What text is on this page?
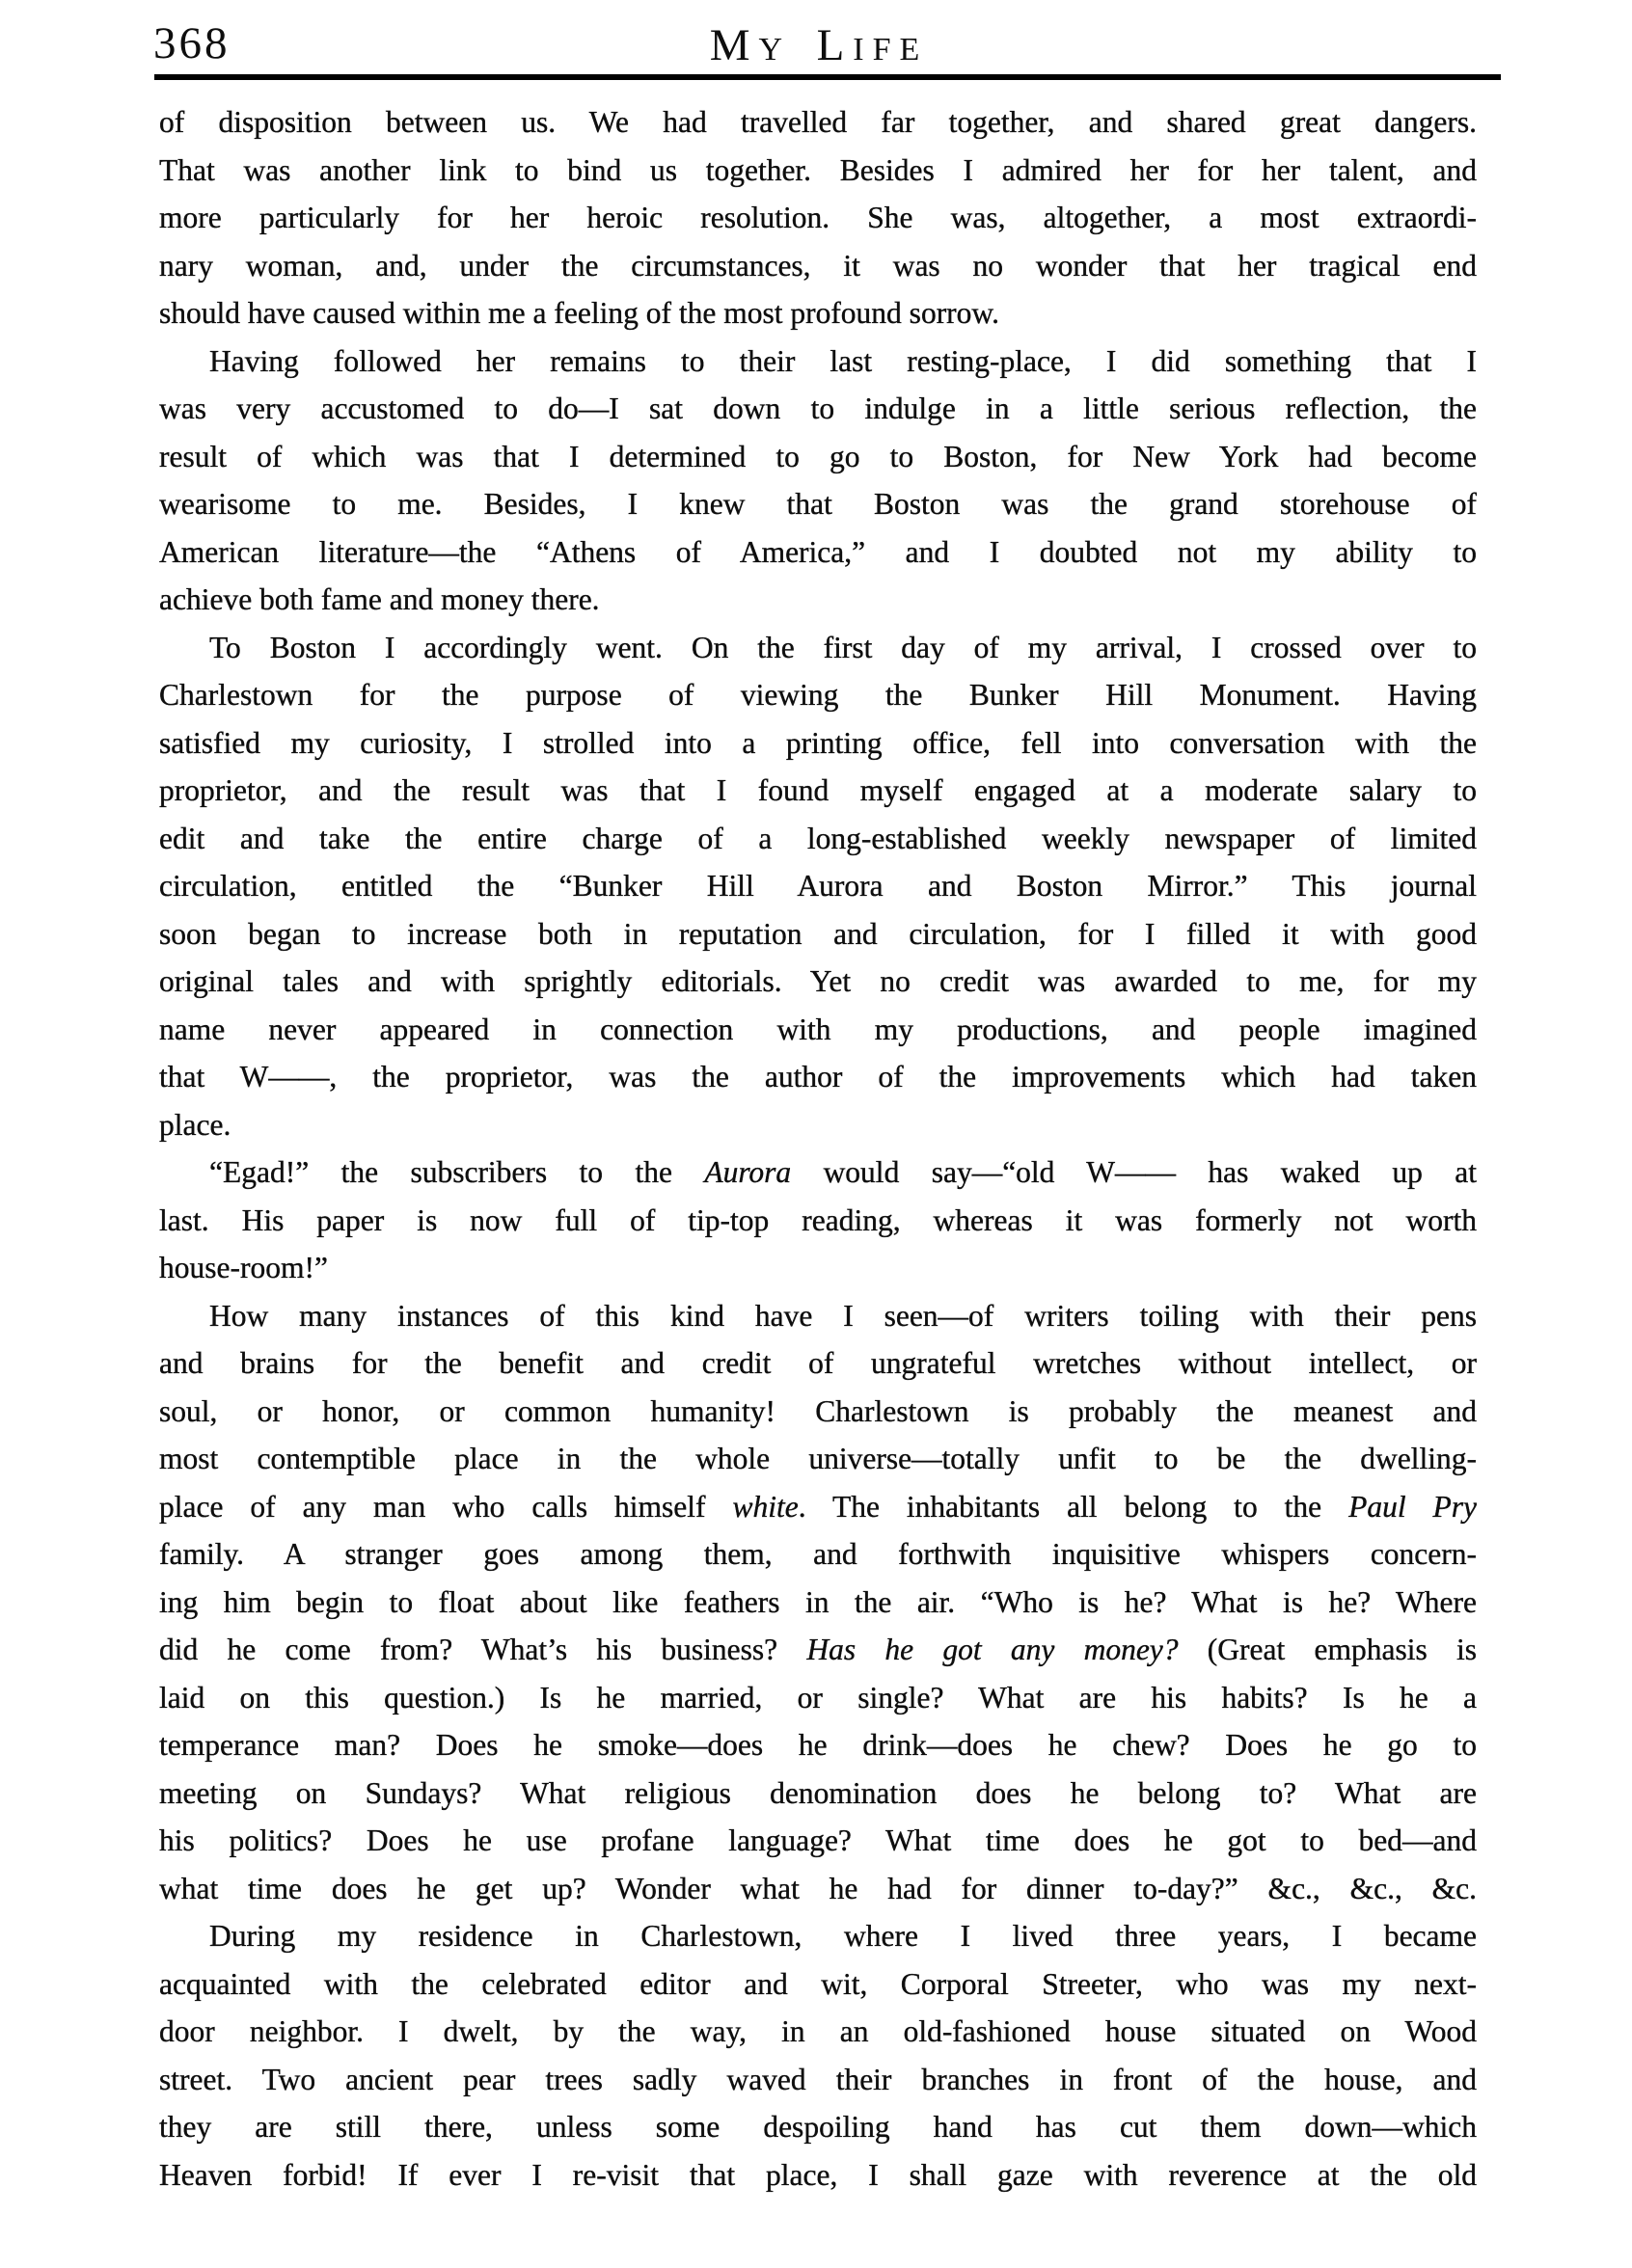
368	MY LIFE
of disposition between us. We had travelled far together, and shared great dangers.
That was another link to bind us together. Besides I admired her for her talent, and
more particularly for her heroic resolution. She was, altogether, a most extraordi-
nary woman, and, under the circumstances, it was no wonder that her tragical end
should have caused within me a feeling of the most profound sorrow.
Having followed her remains to their last resting-place, I did something that I
was very accustomed to do—I sat down to indulge in a little serious reflection, the
result of which was that I determined to go to Boston, for New York had become
wearisome to me. Besides, I knew that Boston was the grand storehouse of
American literature—the “Athens of America,” and I doubted not my ability to
achieve both fame and money there.
To Boston I accordingly went. On the first day of my arrival, I crossed over to
Charlestown for the purpose of viewing the Bunker Hill Monument. Having
satisfied my curiosity, I strolled into a printing office, fell into conversation with the
proprietor, and the result was that I found myself engaged at a moderate salary to
edit and take the entire charge of a long-established weekly newspaper of limited
circulation, entitled the “Bunker Hill Aurora and Boston Mirror.” This journal
soon began to increase both in reputation and circulation, for I filled it with good
original tales and with sprightly editorials. Yet no credit was awarded to me, for my
name never appeared in connection with my productions, and people imagined
that W——, the proprietor, was the author of the improvements which had taken
place.
“Egad!” the subscribers to the Aurora would say—“old W—— has waked up at
last. His paper is now full of tip-top reading, whereas it was formerly not worth
house-room!”
How many instances of this kind have I seen—of writers toiling with their pens
and brains for the benefit and credit of ungrateful wretches without intellect, or
soul, or honor, or common humanity! Charlestown is probably the meanest and
most contemptible place in the whole universe—totally unfit to be the dwelling-
place of any man who calls himself white. The inhabitants all belong to the Paul Pry
family. A stranger goes among them, and forthwith inquisitive whispers concern-
ing him begin to float about like feathers in the air. “Who is he? What is he? Where
did he come from? What’s his business? Has he got any money? (Great emphasis is
laid on this question.) Is he married, or single? What are his habits? Is he a
temperance man? Does he smoke—does he drink—does he chew? Does he go to
meeting on Sundays? What religious denomination does he belong to? What are
his politics? Does he use profane language? What time does he got to bed—and
what time does he get up? Wonder what he had for dinner to-day?” &c., &c., &c.
During my residence in Charlestown, where I lived three years, I became
acquainted with the celebrated editor and wit, Corporal Streeter, who was my next-
door neighbor. I dwelt, by the way, in an old-fashioned house situated on Wood
street. Two ancient pear trees sadly waved their branches in front of the house, and
they are still there, unless some despoiling hand has cut them down—which
Heaven forbid! If ever I re-visit that place, I shall gaze with reverence at the old
